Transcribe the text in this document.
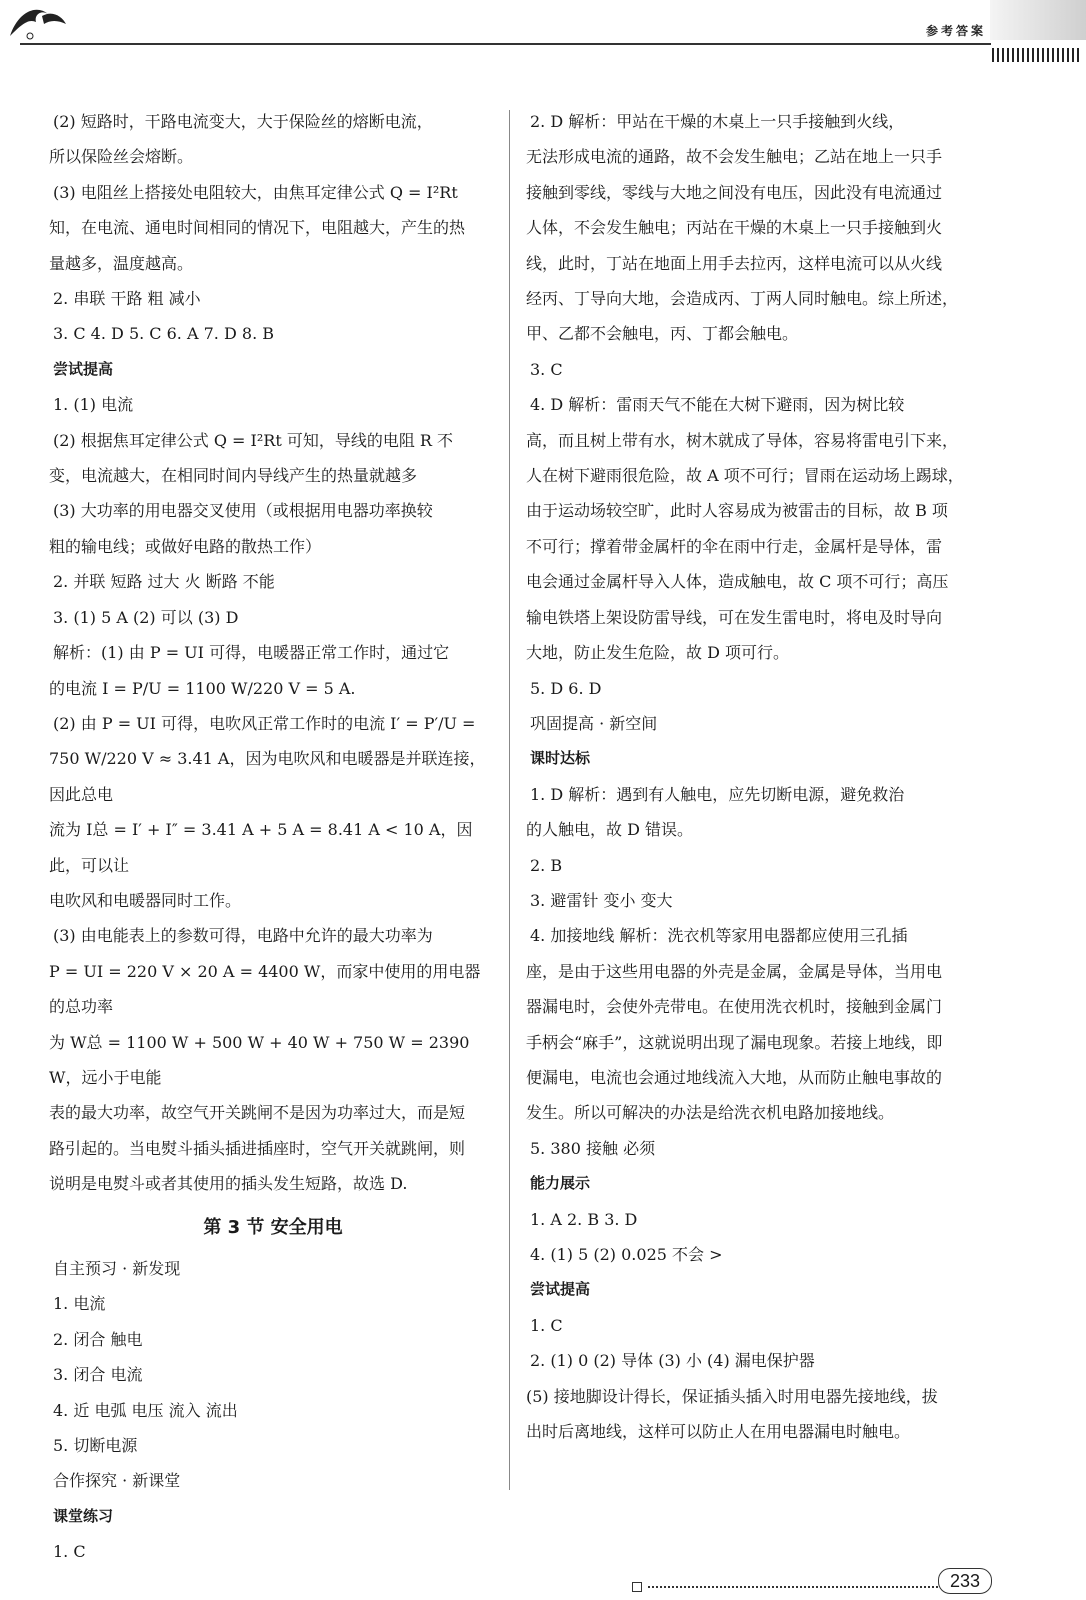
参考答案

(2) 短路时，干路电流变大，大于保险丝的熔断电流，

所以保险丝会熔断。

(3) 电阻丝上搭接处电阻较大，由焦耳定律公式 Q = I²Rt

知，在电流、通电时间相同的情况下，电阻越大，产生的热

量越多，温度越高。

2. 串联 干路 粗 减小

3. C 4. D 5. C 6. A 7. D 8. B

尝试提高

1. (1) 电流

(2) 根据焦耳定律公式 Q = I²Rt 可知，导线的电阻 R 不

变，电流越大，在相同时间内导线产生的热量就越多

(3) 大功率的用电器交叉使用（或根据用电器功率换较

粗的输电线；或做好电路的散热工作）

2. 并联 短路 过大 火 断路 不能

3. (1) 5 A (2) 可以 (3) D

解析：(1) 由 P = UI 可得，电暖器正常工作时，通过它

的电流 I = P/U = 1100 W/220 V = 5 A.

(2) 由 P = UI 可得，电吹风正常工作时的电流 I′ = P′/U =

750 W/220 V ≈ 3.41 A，因为电吹风和电暖器是并联连接，因此总电

流为 I总 = I′ + I″ = 3.41 A + 5 A = 8.41 A < 10 A，因此，可以让

电吹风和电暖器同时工作。

(3) 由电能表上的参数可得，电路中允许的最大功率为

P = UI = 220 V × 20 A = 4400 W，而家中使用的用电器的总功率

为 W总 = 1100 W + 500 W + 40 W + 750 W = 2390 W，远小于电能

表的最大功率，故空气开关跳闸不是因为功率过大，而是短

路引起的。当电熨斗插头插进插座时，空气开关就跳闸，则

说明是电熨斗或者其使用的插头发生短路，故选 D.

第 3 节 安全用电

自主预习 · 新发现

1. 电流

2. 闭合 触电

3. 闭合 电流

4. 近 电弧 电压 流入 流出

5. 切断电源

合作探究 · 新课堂

课堂练习

1. C

2. D 解析：甲站在干燥的木桌上一只手接触到火线，

无法形成电流的通路，故不会发生触电；乙站在地上一只手

接触到零线，零线与大地之间没有电压，因此没有电流通过

人体，不会发生触电；丙站在干燥的木桌上一只手接触到火

线，此时，丁站在地面上用手去拉丙，这样电流可以从火线

经丙、丁导向大地，会造成丙、丁两人同时触电。综上所述，

甲、乙都不会触电，丙、丁都会触电。

3. C

4. D 解析：雷雨天气不能在大树下避雨，因为树比较

高，而且树上带有水，树木就成了导体，容易将雷电引下来，

人在树下避雨很危险，故 A 项不可行；冒雨在运动场上踢球，

由于运动场较空旷，此时人容易成为被雷击的目标，故 B 项

不可行；撑着带金属杆的伞在雨中行走，金属杆是导体，雷

电会通过金属杆导入人体，造成触电，故 C 项不可行；高压

输电铁塔上架设防雷导线，可在发生雷电时，将电及时导向

大地，防止发生危险，故 D 项可行。

5. D 6. D

巩固提高 · 新空间

课时达标

1. D 解析：遇到有人触电，应先切断电源，避免救治

的人触电，故 D 错误。

2. B

3. 避雷针 变小 变大

4. 加接地线 解析：洗衣机等家用电器都应使用三孔插

座，是由于这些用电器的外壳是金属，金属是导体，当用电

器漏电时，会使外壳带电。在使用洗衣机时，接触到金属门

手柄会“麻手”，这就说明出现了漏电现象。若接上地线，即

便漏电，电流也会通过地线流入大地，从而防止触电事故的

发生。所以可解决的办法是给洗衣机电路加接地线。

5. 380 接触 必须

能力展示

1. A 2. B 3. D

4. (1) 5 (2) 0.025 不会 >

尝试提高

1. C

2. (1) 0 (2) 导体 (3) 小 (4) 漏电保护器

(5) 接地脚设计得长，保证插头插入时用电器先接地线，拔

出时后离地线，这样可以防止人在用电器漏电时触电。

233
